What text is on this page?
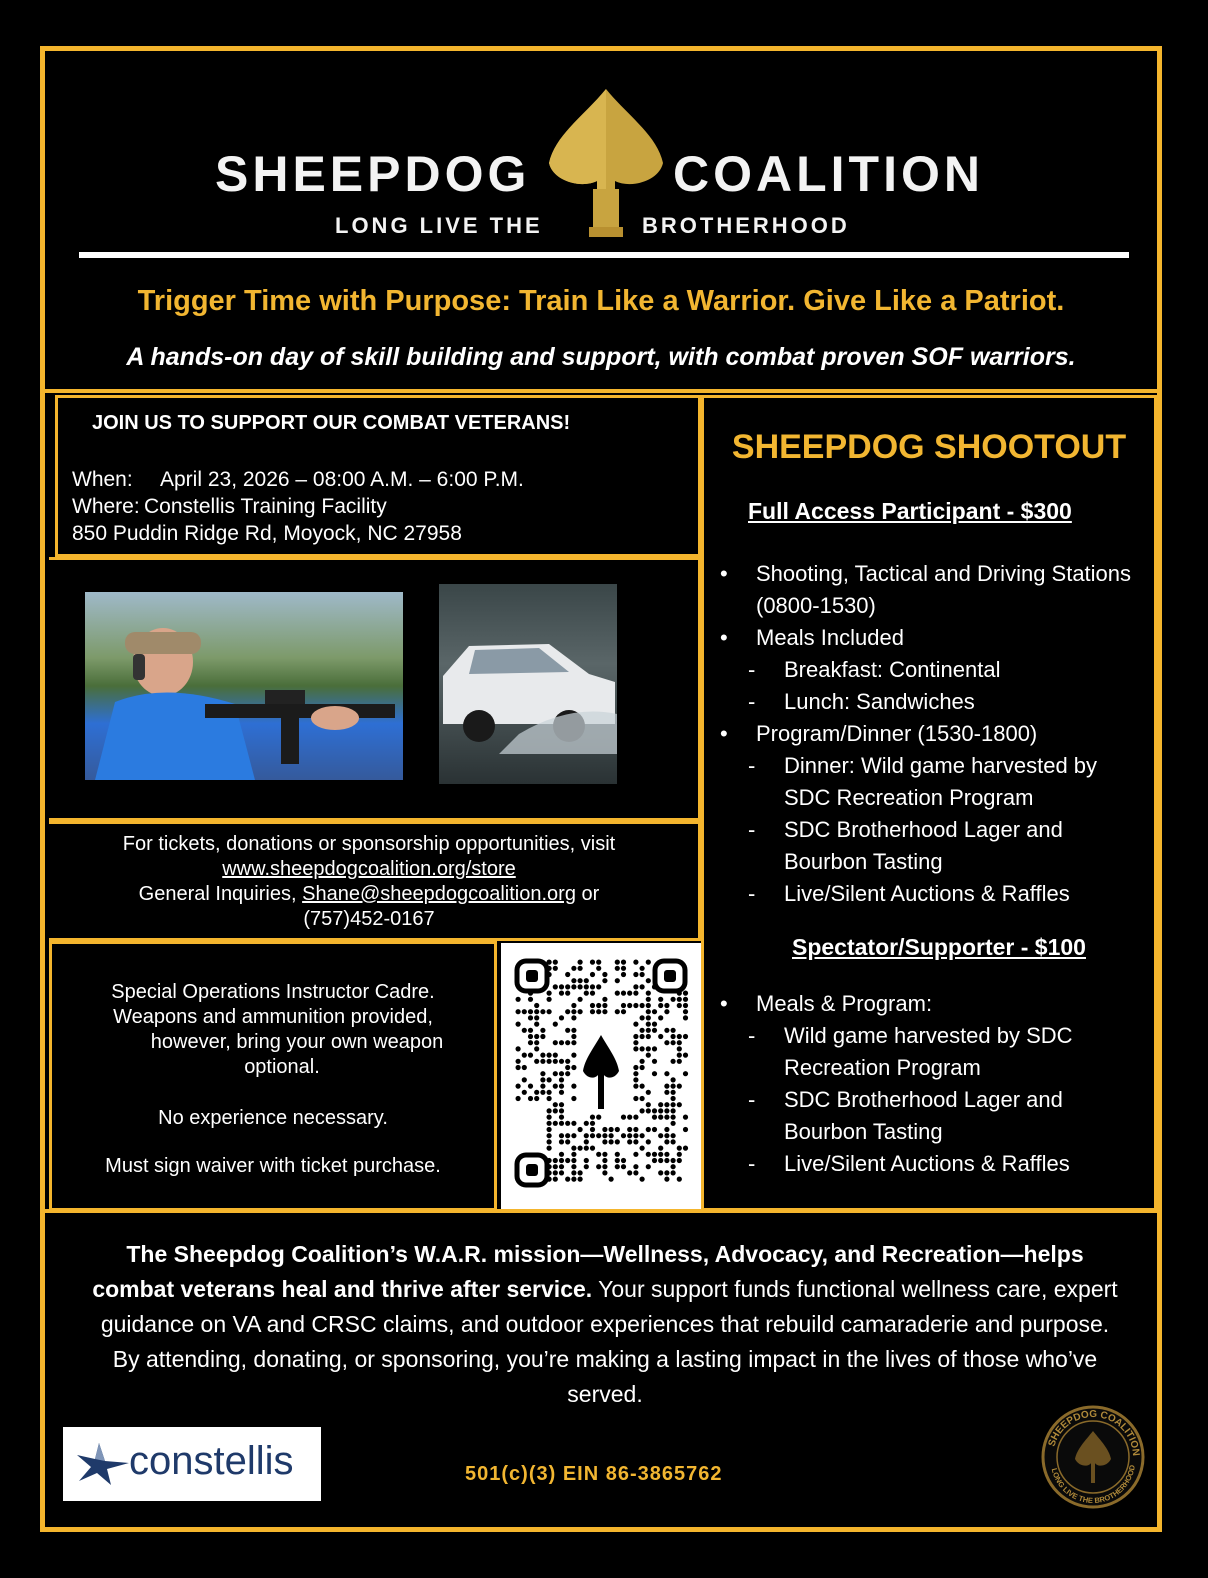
SHEEPDOG	COALITION
LONG LIVE THE	BROTHERHOOD
Trigger Time with Purpose: Train Like a Warrior. Give Like a Patriot.
A hands-on day of skill building and support, with combat proven SOF warriors.
JOIN US TO SUPPORT OUR COMBAT VETERANS!
When: April 23, 2026 – 08:00 A.M. – 6:00 P.M.
Where: Constellis Training Facility
850 Puddin Ridge Rd, Moyock, NC 27958
For tickets, donations or sponsorship opportunities, visit
www.sheepdogcoalition.org/store
General Inquiries, Shane@sheepdogcoalition.org or
(757)452-0167
Special Operations Instructor Cadre.
Weapons and ammunition provided,
however, bring your own weapon
optional.
No experience necessary.
Must sign waiver with ticket purchase.
SHEEPDOG SHOOTOUT
Full Access Participant - $300
• Shooting, Tactical and Driving Stations (0800-1530)
• Meals Included
- Breakfast: Continental
- Lunch: Sandwiches
• Program/Dinner (1530-1800)
- Dinner: Wild game harvested by SDC Recreation Program
- SDC Brotherhood Lager and Bourbon Tasting
- Live/Silent Auctions & Raffles
Spectator/Supporter - $100
• Meals & Program:
- Wild game harvested by SDC Recreation Program
- SDC Brotherhood Lager and Bourbon Tasting
- Live/Silent Auctions & Raffles
The Sheepdog Coalition’s W.A.R. mission—Wellness, Advocacy, and Recreation—helps combat veterans heal and thrive after service. Your support funds functional wellness care, expert guidance on VA and CRSC claims, and outdoor experiences that rebuild camaraderie and purpose. By attending, donating, or sponsoring, you’re making a lasting impact in the lives of those who’ve served.
constellis	501(c)(3) EIN 86-3865762
SHEEPDOG COALITION
LONG LIVE THE BROTHERHOOD
